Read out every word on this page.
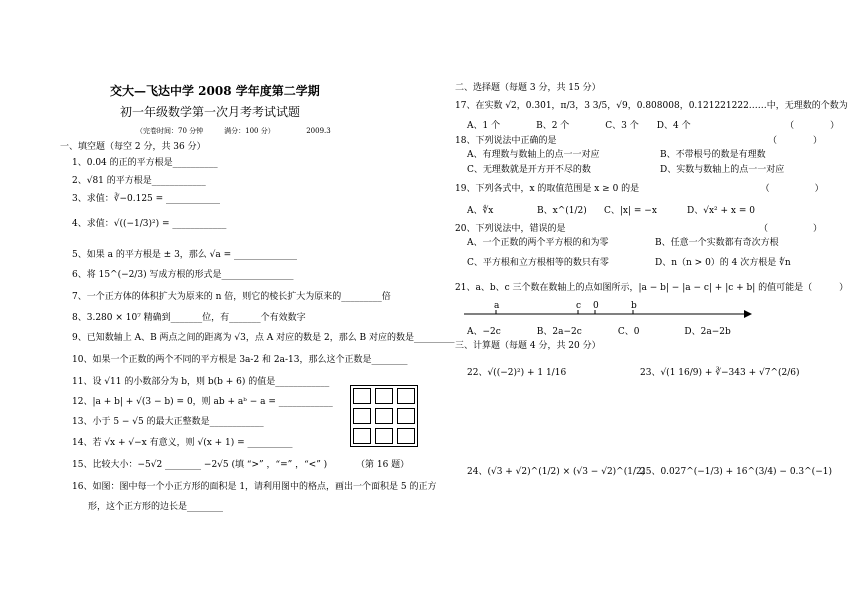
交大—飞达中学 2008 学年度第二学期
初一年级数学第一次月考考试试题
（完卷时间：70 分钟　　　满分：100 分）　　　　　2009.3
一、填空题（每空 2 分，共 36 分）
1、0.04 的正的平方根是__________
2、√81 的平方根是____________
3、求值：∛−0.125 = ____________
4、求值：√((−1/3)²) = ____________
5、如果 a 的平方根是 ± 3，那么 √a = ______________
6、将 15^(−2/3) 写成方根的形式是________________
7、一个正方体的体积扩大为原来的 n 倍，则它的棱长扩大为原来的_________倍
8、3.280 × 10⁷ 精确到_______位，有_______个有效数字
9、已知数轴上 A、B 两点之间的距离为 √3，点 A 对应的数是 2，那么 B 对应的数是_________
10、如果一个正数的两个不同的平方根是 3a-2 和 2a-13，那么这个正数是________
11、设 √11 的小数部分为 b，则 b(b + 6) 的值是____________
12、|a + b| + √(3 − b) = 0，则 ab + aᵇ − a = ____________
13、小于 5 − √5 的最大正整数是____________
14、若 √x + √−x 有意义，则 √(x + 1) = __________
15、比较大小：−5√2 ________ −2√5 (填 “>” ，“=” ，“<” )	（第 16 题）
16、如图：图中每一个小正方形的面积是 1，请利用图中的格点，画出一个面积是 5 的正方
形，这个正方形的边长是________
二、选择题（每题 3 分，共 15 分）
17、在实数 √2，0.3̇0̇1，π/3，3 3/5，√9，0.808008，0.121221222……中，无理数的个数为
A、1 个　　　　B、2 个　　　　C、3 个　　D、4 个　　　　　　　　　　　（　　　　）
18、下列说法中正确的是　　　　　　　　　　　　　　　　　　　　　　　　（　　　　）
A、有理数与数轴上的点一一对应	B、不带根号的数是有理数
C、无理数就是开方开不尽的数	D、实数与数轴上的点一一对应
19、下列各式中，x 的取值范围是 x ≥ 0 的是　　　　　　　　　　　　　　（　　　　　）
A、∜x	B、x^(1/2) C、|x| = −x	D、√x² + x = 0
20、下列说法中，错误的是　　　　　　　　　　　　　　　　　　　　　　（　　　　　）
A、一个正数的两个平方根的和为零	B、任意一个实数都有奇次方根
C、平方根和立方根相等的数只有零	D、n（n > 0）的 4 次方根是 ∜n
21、a、b、c 三个数在数轴上的点如图所示，|a − b| − |a − c| + |c + b| 的值可能是（　　　）
a	c 0	b
A、−2c　　　　B、2a−2c　　　　C、0　　　　　D、2a−2b
三、计算题（每题 4 分，共 20 分）
22、√((−2)²) + 1 1/16	23、√(1 16/9) + ∛−343 + √7^(2/6)
24、(√3 + √2)^(1/2) × (√3 − √2)^(1/2)
25、0.027^(−1/3) + 16^(3/4) − 0.3^(−1)
